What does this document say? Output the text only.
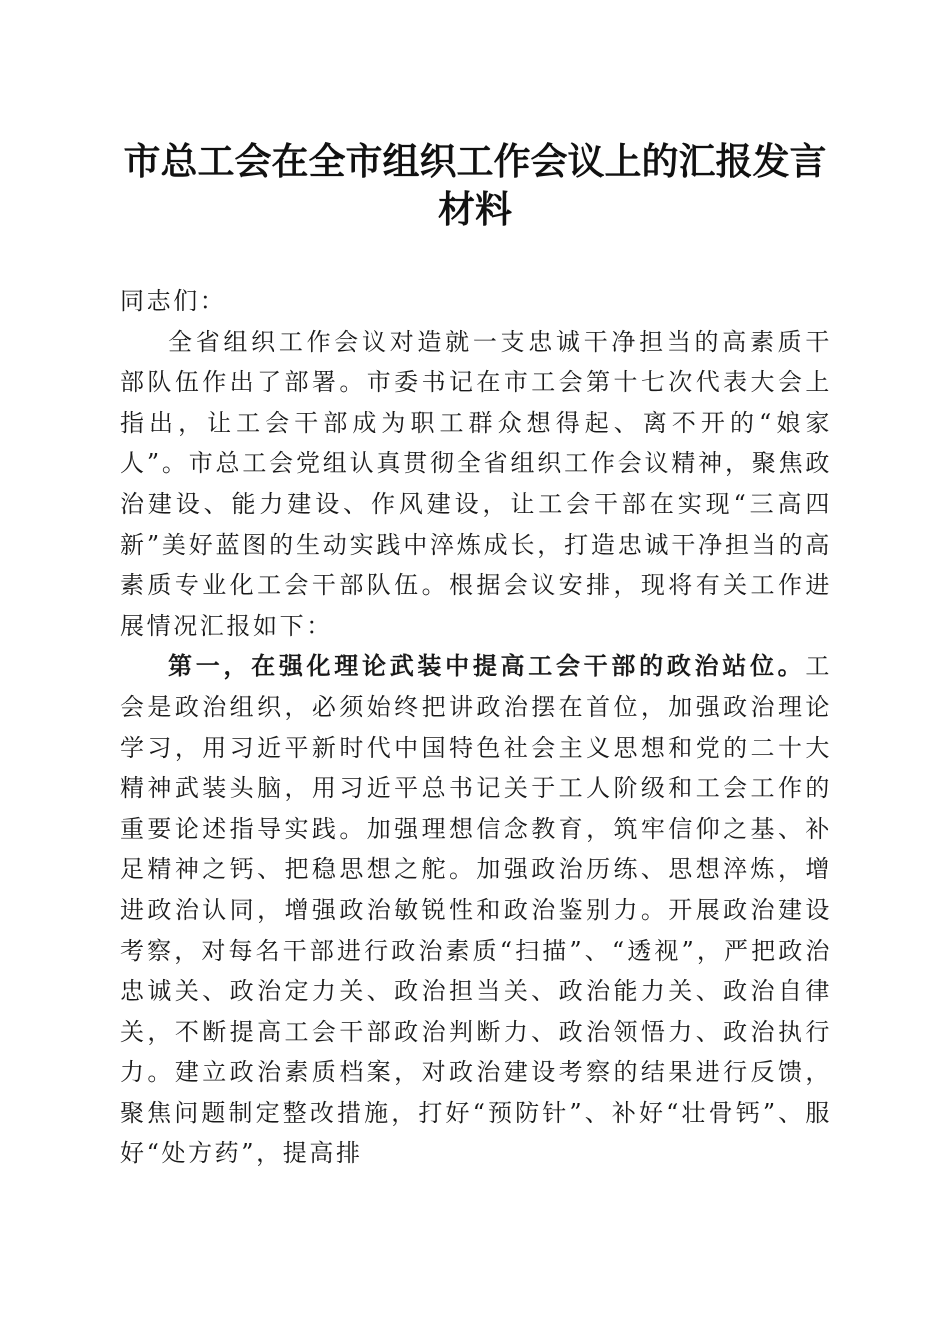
市总工会在全市组织工作会议上的汇报发言材料

同志们：

全省组织工作会议对造就一支忠诚干净担当的高素质干部队伍作出了部署。市委书记在市工会第十七次代表大会上指出，让工会干部成为职工群众想得起、离不开的“娘家人”。市总工会党组认真贯彻全省组织工作会议精神，聚焦政治建设、能力建设、作风建设，让工会干部在实现“三高四新”美好蓝图的生动实践中淬炼成长，打造忠诚干净担当的高素质专业化工会干部队伍。根据会议安排，现将有关工作进展情况汇报如下：

第一，在强化理论武装中提高工会干部的政治站位。工会是政治组织，必须始终把讲政治摆在首位，加强政治理论学习，用习近平新时代中国特色社会主义思想和党的二十大精神武装头脑，用习近平总书记关于工人阶级和工会工作的重要论述指导实践。加强理想信念教育，筑牢信仰之基、补足精神之钙、把稳思想之舵。加强政治历练、思想淬炼，增进政治认同，增强政治敏锐性和政治鉴别力。开展政治建设考察，对每名干部进行政治素质“扫描”、“透视”，严把政治忠诚关、政治定力关、政治担当关、政治能力关、政治自律关，不断提高工会干部政治判断力、政治领悟力、政治执行力。建立政治素质档案，对政治建设考察的结果进行反馈，聚焦问题制定整改措施，打好“预防针”、补好“壮骨钙”、服好“处方药”，提高排
